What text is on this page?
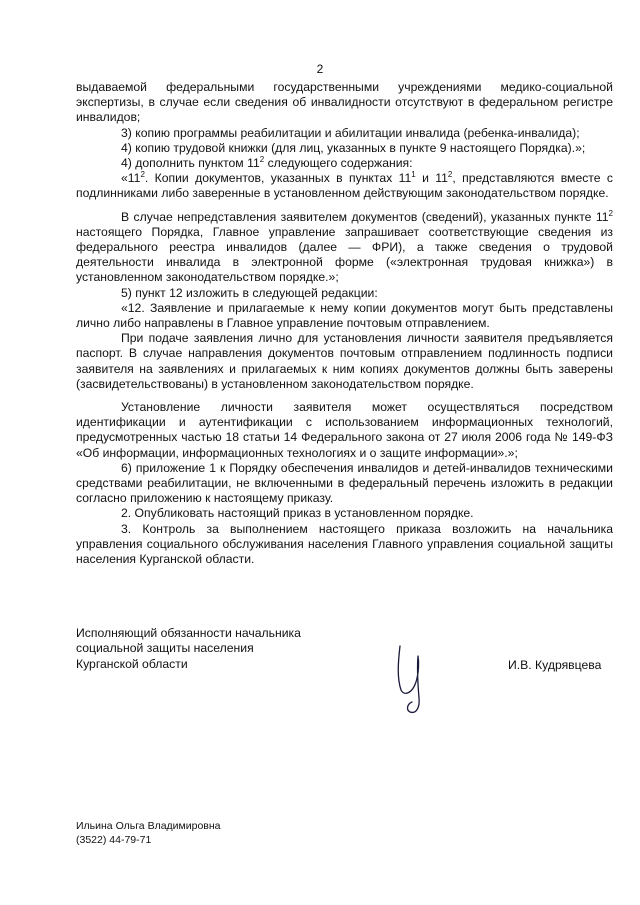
2

выдаваемой федеральными государственными учреждениями медико-социальной экспертизы, в случае если сведения об инвалидности отсутствуют в федеральном регистре инвалидов;

3) копию программы реабилитации и абилитации инвалида (ребенка-инвалида);

4) копию трудовой книжки (для лиц, указанных в пункте 9 настоящего Порядка).»;

4) дополнить пунктом $11^2$ следующего содержания:

«$11^2$. Копии документов, указанных в пунктах $11^1$ и $11^2$, представляются вместе с подлинниками либо заверенные в установленном действующим законодательством порядке.

В случае непредставления заявителем документов (сведений), указанных пункте $11^2$ настоящего Порядка, Главное управление запрашивает соответствующие сведения из федерального реестра инвалидов (далее — ФРИ), а также сведения о трудовой деятельности инвалида в электронной форме («электронная трудовая книжка») в установленном законодательством порядке.»;

5) пункт 12 изложить в следующей редакции:

«12. Заявление и прилагаемые к нему копии документов могут быть представлены лично либо направлены в Главное управление почтовым отправлением.

При подаче заявления лично для установления личности заявителя предъявляется паспорт. В случае направления документов почтовым отправлением подлинность подписи заявителя на заявлениях и прилагаемых к ним копиях документов должны быть заверены (засвидетельствованы) в установленном законодательством порядке.

Установление личности заявителя может осуществляться посредством идентификации и аутентификации с использованием информационных технологий, предусмотренных частью 18 статьи 14 Федерального закона от 27 июля 2006 года № 149-ФЗ «Об информации, информационных технологиях и о защите информации».»;

6) приложение 1 к Порядку обеспечения инвалидов и детей-инвалидов техническими средствами реабилитации, не включенными в федеральный перечень изложить в редакции согласно приложению к настоящему приказу.

2. Опубликовать настоящий приказ в установленном порядке.

3. Контроль за выполнением настоящего приказа возложить на начальника управления социального обслуживания населения Главного управления социальной защиты населения Курганской области.

Исполняющий обязанности начальника
социальной защиты населения
Курганской области	И.В. Кудрявцева
Ильина Ольга Владимировна
(3522) 44-79-71
